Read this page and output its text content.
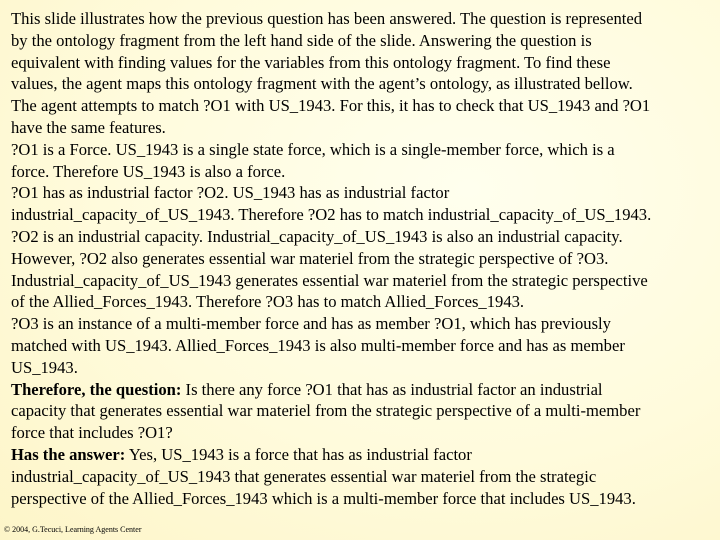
This slide illustrates how the previous question has been answered. The question is represented
by the ontology fragment from the left hand side of the slide. Answering the question is
equivalent with finding values for the variables from this ontology fragment. To find these
values, the agent maps this ontology fragment with the agent’s ontology, as illustrated bellow.
The agent attempts to match ?O1 with US_1943. For this, it has to check that US_1943 and ?O1
have the same features.
?O1 is a Force. US_1943 is a single state force, which is a single-member force, which is a
force. Therefore US_1943 is also a force.
?O1 has as industrial factor ?O2. US_1943 has as industrial factor
industrial_capacity_of_US_1943. Therefore ?O2 has to match industrial_capacity_of_US_1943.
?O2 is an industrial capacity. Industrial_capacity_of_US_1943 is also an industrial capacity.
However, ?O2 also generates essential war materiel from the strategic perspective of ?O3.
Industrial_capacity_of_US_1943 generates essential war materiel from the strategic perspective
of the Allied_Forces_1943. Therefore ?O3 has to match Allied_Forces_1943.
?O3 is an instance of a multi-member force and has as member ?O1, which has previously
matched with US_1943. Allied_Forces_1943 is also multi-member force and has as member
US_1943.
Therefore, the question: Is there any force ?O1 that has as industrial factor an industrial
capacity that generates essential war materiel from the strategic perspective of a multi-member
force that includes ?O1?
Has the answer: Yes, US_1943 is a force that has as industrial factor
industrial_capacity_of_US_1943 that generates essential war materiel from the strategic
perspective of the Allied_Forces_1943 which is a multi-member force that includes US_1943.
© 2004, G.Tecuci, Learning Agents Center
